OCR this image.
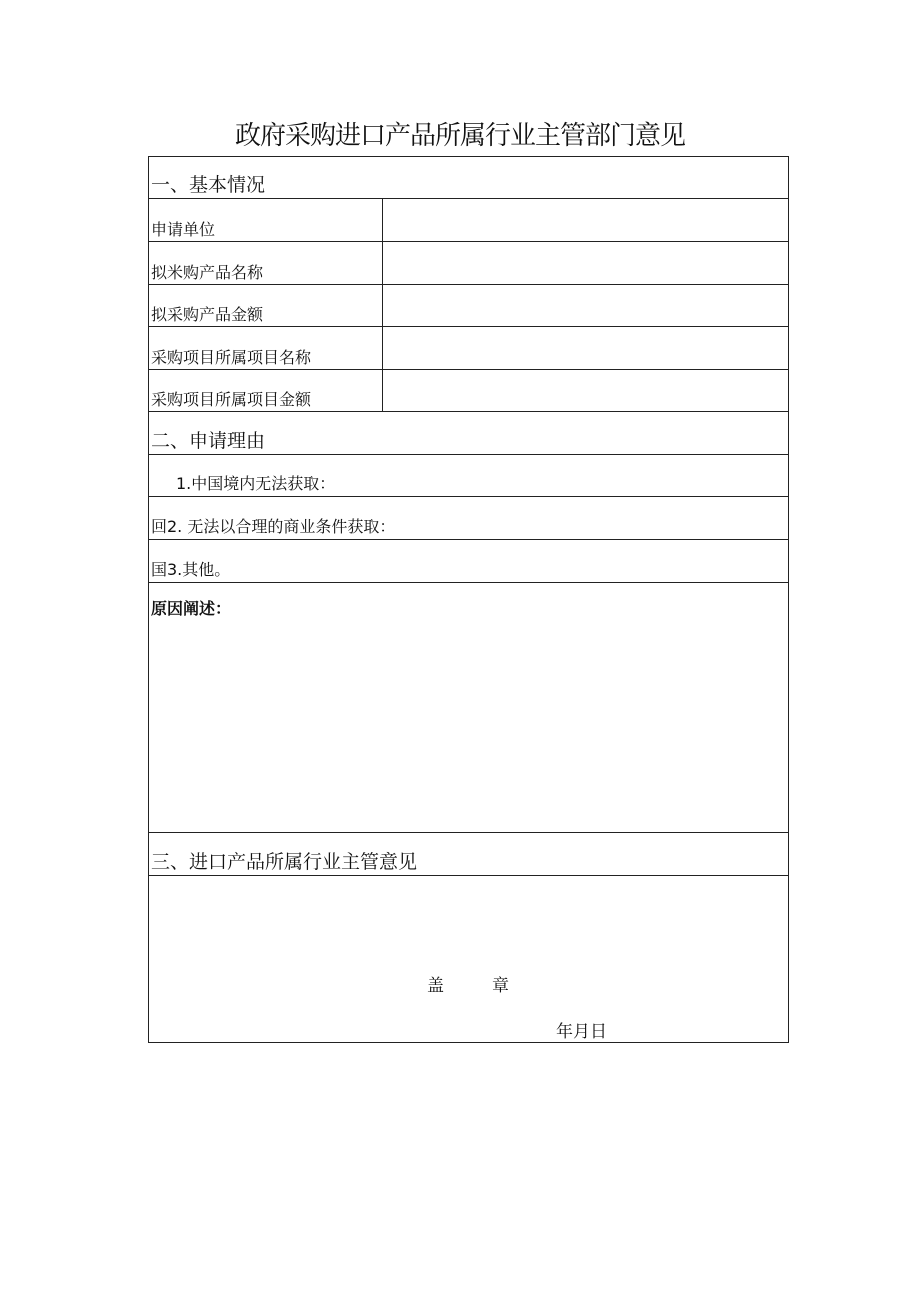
政府采购进口产品所属行业主管部门意见
一、基本情况
申请单位
拟米购产品名称
拟采购产品金额
采购项目所属项目名称
采购项目所属项目金额
二、申请理由
1.中国境内无法获取：
回2. 无法以合理的商业条件获取：
国3.其他。
原因阐述：
三、进口产品所属行业主管意见
盖章
年月日
